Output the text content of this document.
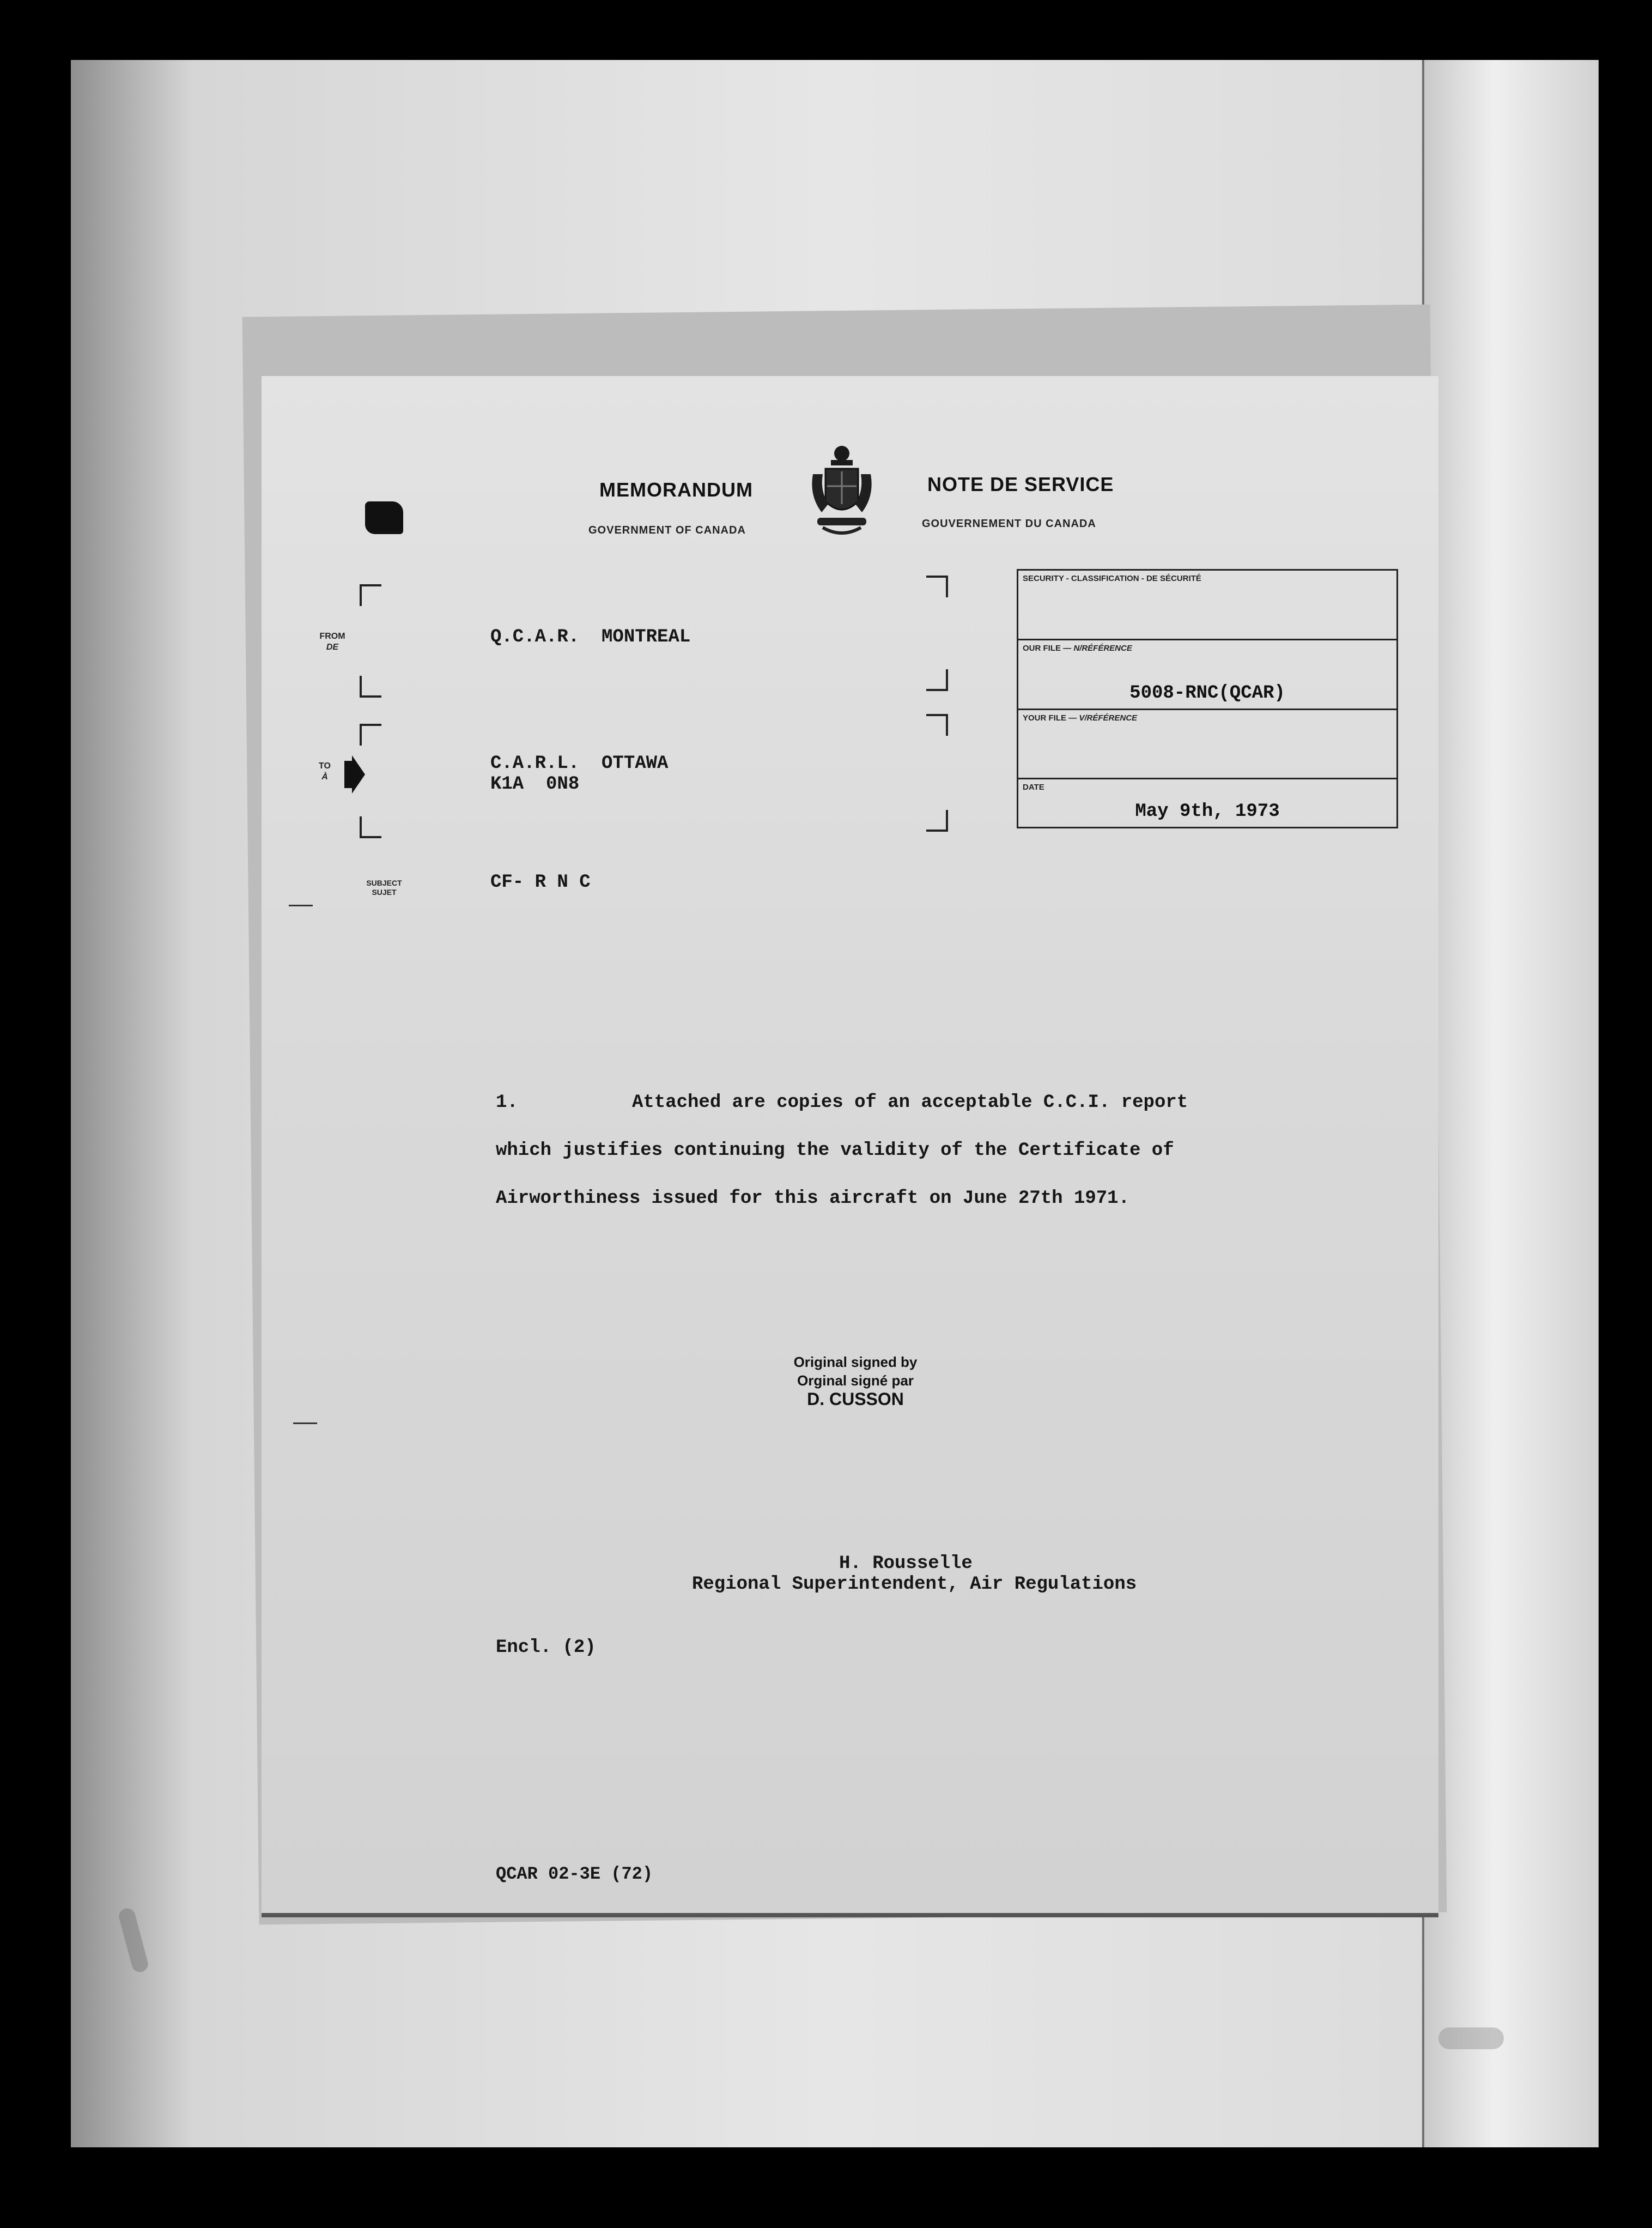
MEMORANDUM
GOVERNMENT OF CANADA
NOTE DE SERVICE
GOUVERNEMENT DU CANADA
FROM
DE	Q.C.A.R.  MONTREAL
TO
À
C.A.R.L.  OTTAWA
K1A  0N8
SUBJECT
SUJET	CF- R N C
SECURITY - CLASSIFICATION - DE SÉCURITÉ
OUR FILE — N/RÉFÉRENCE
5008-RNC(QCAR)
YOUR FILE — V/RÉFÉRENCE
DATE
May 9th, 1973
1.	Attached are copies of an acceptable C.C.I. report
which justifies continuing the validity of the Certificate of
Airworthiness issued for this aircraft on June 27th 1971.
Original signed by
Orginal signé par
D. CUSSON
H. Rousselle
Regional Superintendent, Air Regulations
Encl. (2)
QCAR 02-3E (72)
